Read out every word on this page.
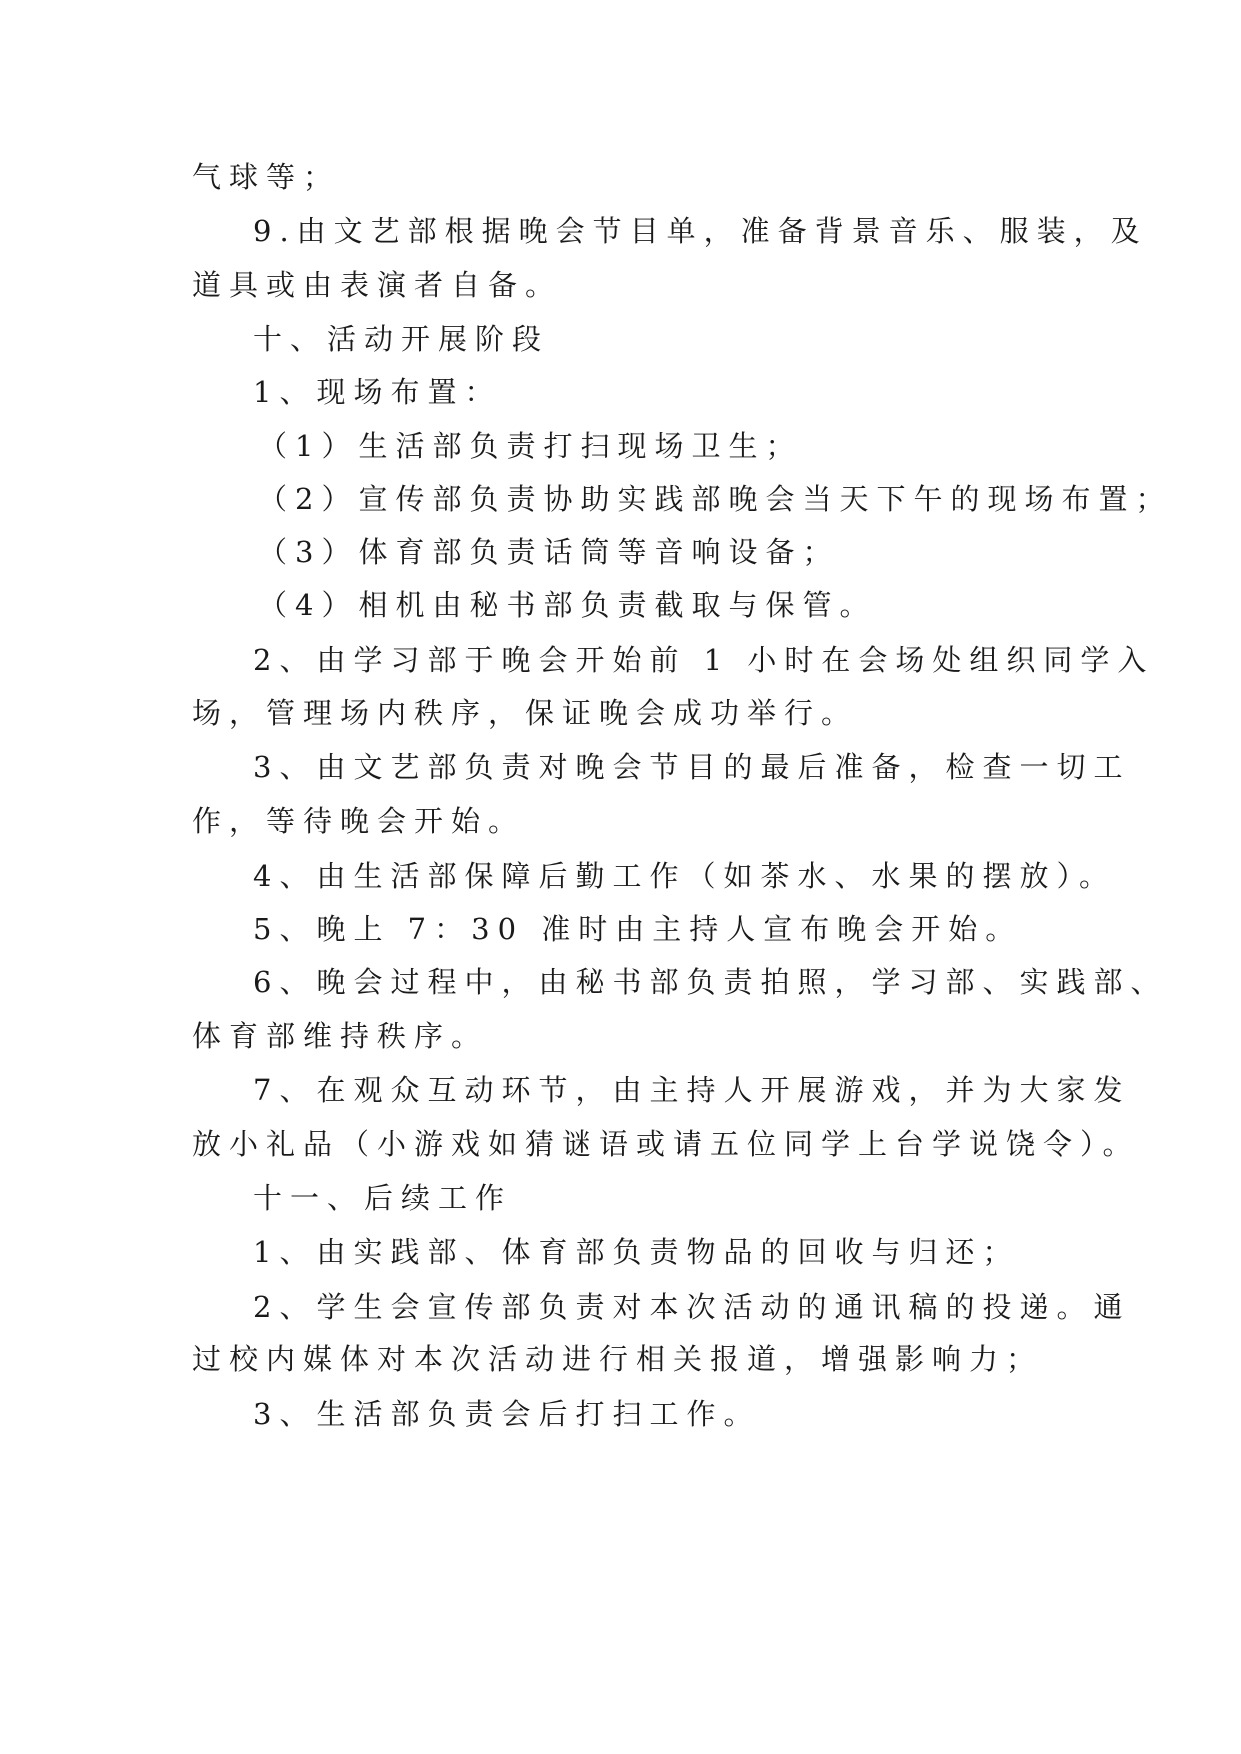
气球等；
9.由文艺部根据晚会节目单，准备背景音乐、服装，及
道具或由表演者自备。
十、活动开展阶段
1、现场布置：
（1）生活部负责打扫现场卫生；
（2）宣传部负责协助实践部晚会当天下午的现场布置；
（3）体育部负责话筒等音响设备；
（4）相机由秘书部负责截取与保管。
2、由学习部于晚会开始前 1 小时在会场处组织同学入
场，管理场内秩序，保证晚会成功举行。
3、由文艺部负责对晚会节目的最后准备，检查一切工
作，等待晚会开始。
4、由生活部保障后勤工作（如茶水、水果的摆放）。
5、晚上 7：30 准时由主持人宣布晚会开始。
6、晚会过程中，由秘书部负责拍照，学习部、实践部、
体育部维持秩序。
7、在观众互动环节，由主持人开展游戏，并为大家发
放小礼品（小游戏如猜谜语或请五位同学上台学说饶令）。
十一、后续工作
1、由实践部、体育部负责物品的回收与归还；
2、学生会宣传部负责对本次活动的通讯稿的投递。通
过校内媒体对本次活动进行相关报道，增强影响力；
3、生活部负责会后打扫工作。
